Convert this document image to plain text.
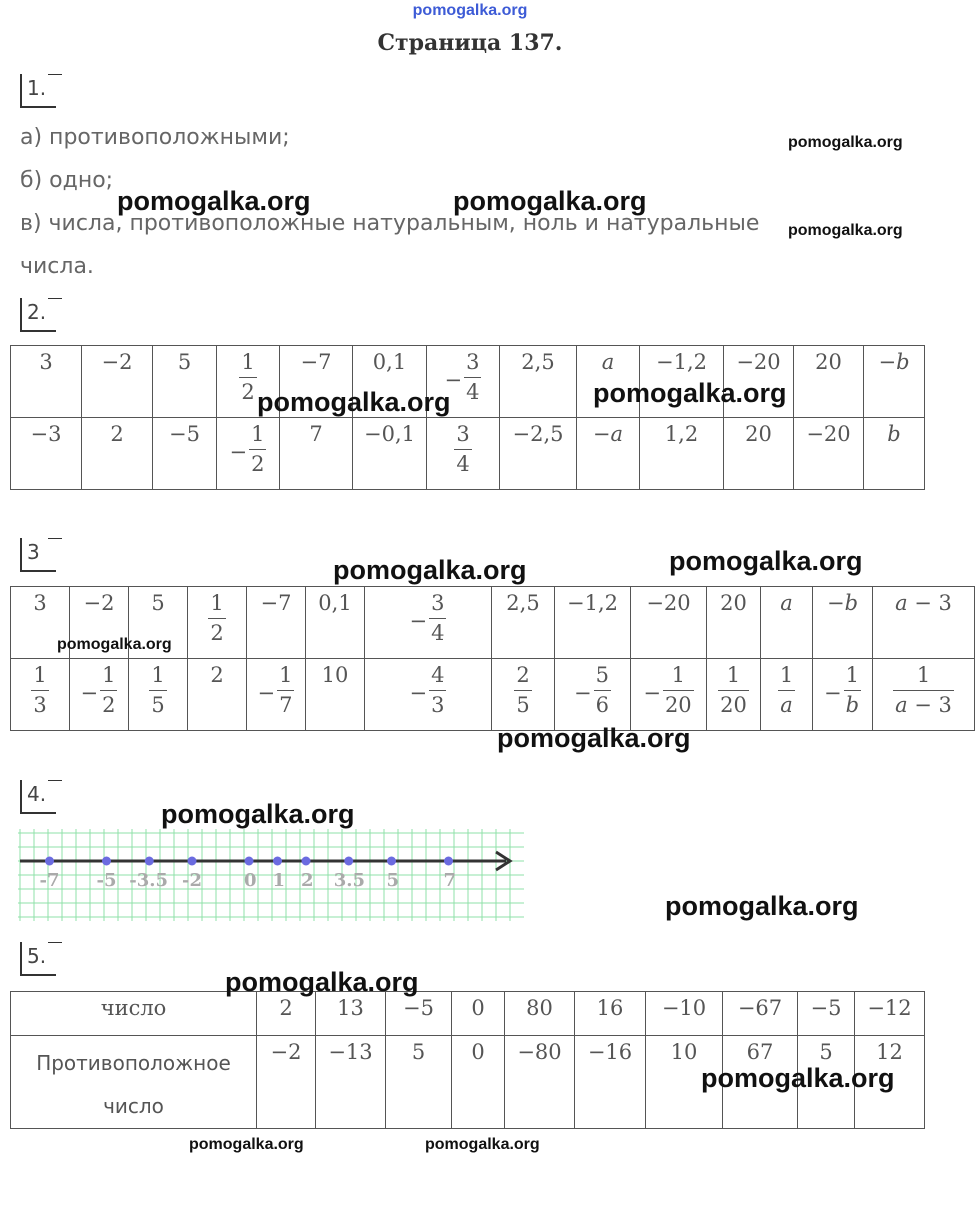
pomogalka.org
Страница 137.
1.
а) противоположными;
б) одно;
в) числа, противоположные натуральным, ноль и натуральные
числа.
2.
3	−2	5	$\frac{1}{2}$	−7	0,1	− $\frac{3}{4}$	2,5	a	−1,2	−20	20	−b

−3	2	−5	− $\frac{1}{2}$	7	−0,1	$\frac{3}{4}$	−2,5	−a	1,2	20	−20	b
3
3	−2	5	$\frac{1}{2}$	−7	0,1	− $\frac{3}{4}$	2,5	−1,2	−20	20	a	−b	a − 3

$\frac{1}{3}$	− $\frac{1}{2}$	$\frac{1}{5}$	2	− $\frac{1}{7}$	10	− $\frac{4}{3}$	$\frac{2}{5}$	− $\frac{5}{6}$	− $\frac{1}{20}$	$\frac{1}{20}$	$\frac{1}{a}$	− $\frac{1}{b}$	$\frac{1}{a - 3}$
4.
-7 -5 -3.5 -2 0 1 2 3.5 5 7
5.
число	2	13	−5	0	80	16	−10	−67	−5	−12

Противоположное
число	−2	−13	5	0	−80	−16	10	67	5	12
pomogalka.org	pomogalka.org
pomogalka.org
pomogalka.org
pomogalka.org	pomogalka.org
pomogalka.org	pomogalka.org
pomogalka.org
pomogalka.org
pomogalka.org
pomogalka.org
pomogalka.org
pomogalka.org
pomogalka.org	pomogalka.org
